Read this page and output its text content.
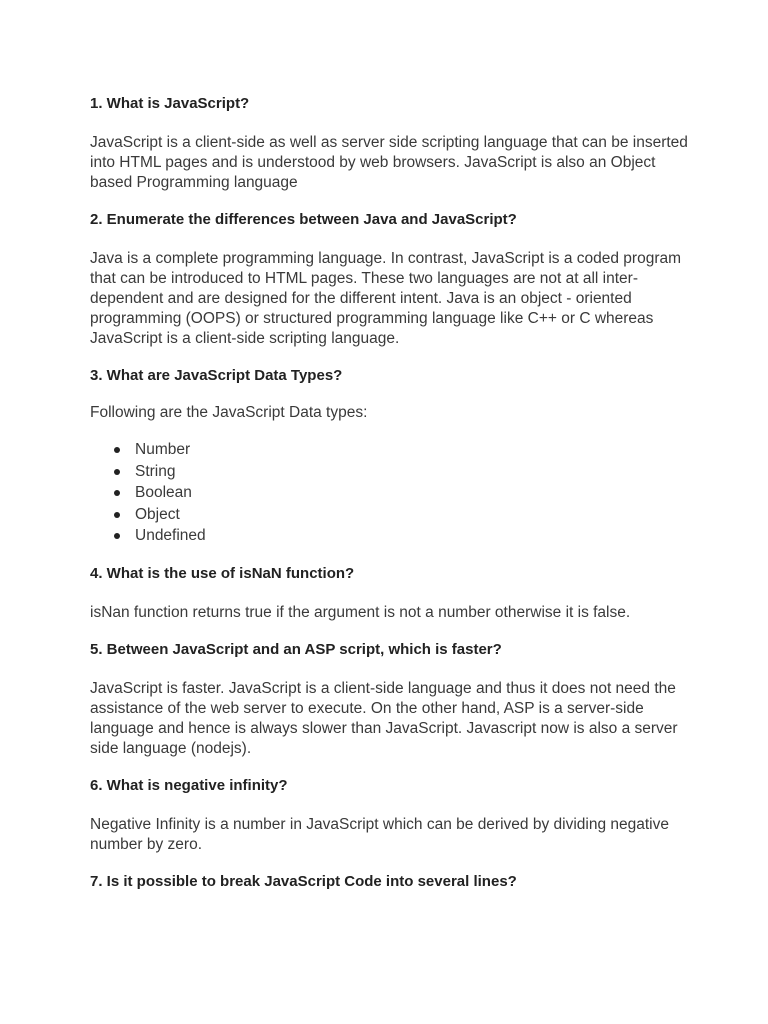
1. What is JavaScript?

JavaScript is a client-side as well as server side scripting language that can be inserted into HTML pages and is understood by web browsers. JavaScript is also an Object based Programming language

2. Enumerate the differences between Java and JavaScript?

Java is a complete programming language. In contrast, JavaScript is a coded program that can be introduced to HTML pages. These two languages are not at all inter-dependent and are designed for the different intent. Java is an object - oriented programming (OOPS) or structured programming language like C++ or C whereas JavaScript is a client-side scripting language.

3. What are JavaScript Data Types?

Following are the JavaScript Data types:

Number
String
Boolean
Object
Undefined

4. What is the use of isNaN function?

isNan function returns true if the argument is not a number otherwise it is false.

5. Between JavaScript and an ASP script, which is faster?

JavaScript is faster. JavaScript is a client-side language and thus it does not need the assistance of the web server to execute. On the other hand, ASP is a server-side language and hence is always slower than JavaScript. Javascript now is also a server side language (nodejs).

6. What is negative infinity?

Negative Infinity is a number in JavaScript which can be derived by dividing negative number by zero.

7. Is it possible to break JavaScript Code into several lines?
